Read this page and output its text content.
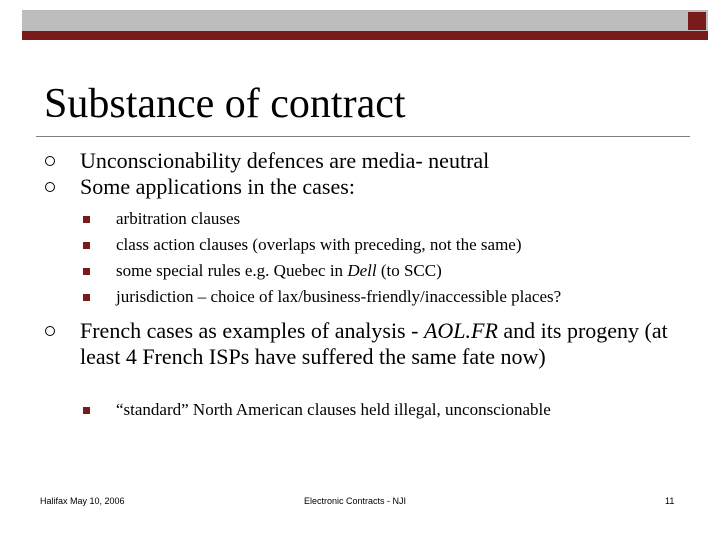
Substance of contract
Unconscionability defences are media- neutral
Some applications in the cases:
arbitration clauses
class action clauses (overlaps with preceding, not the same)
some special rules e.g. Quebec in Dell (to SCC)
jurisdiction – choice of lax/business-friendly/inaccessible places?
French cases as examples of analysis - AOL.FR and its progeny (at least 4 French ISPs have suffered the same fate now)
“standard” North American clauses held illegal, unconscionable
Halifax May 10, 2006	Electronic Contracts - NJI	11
